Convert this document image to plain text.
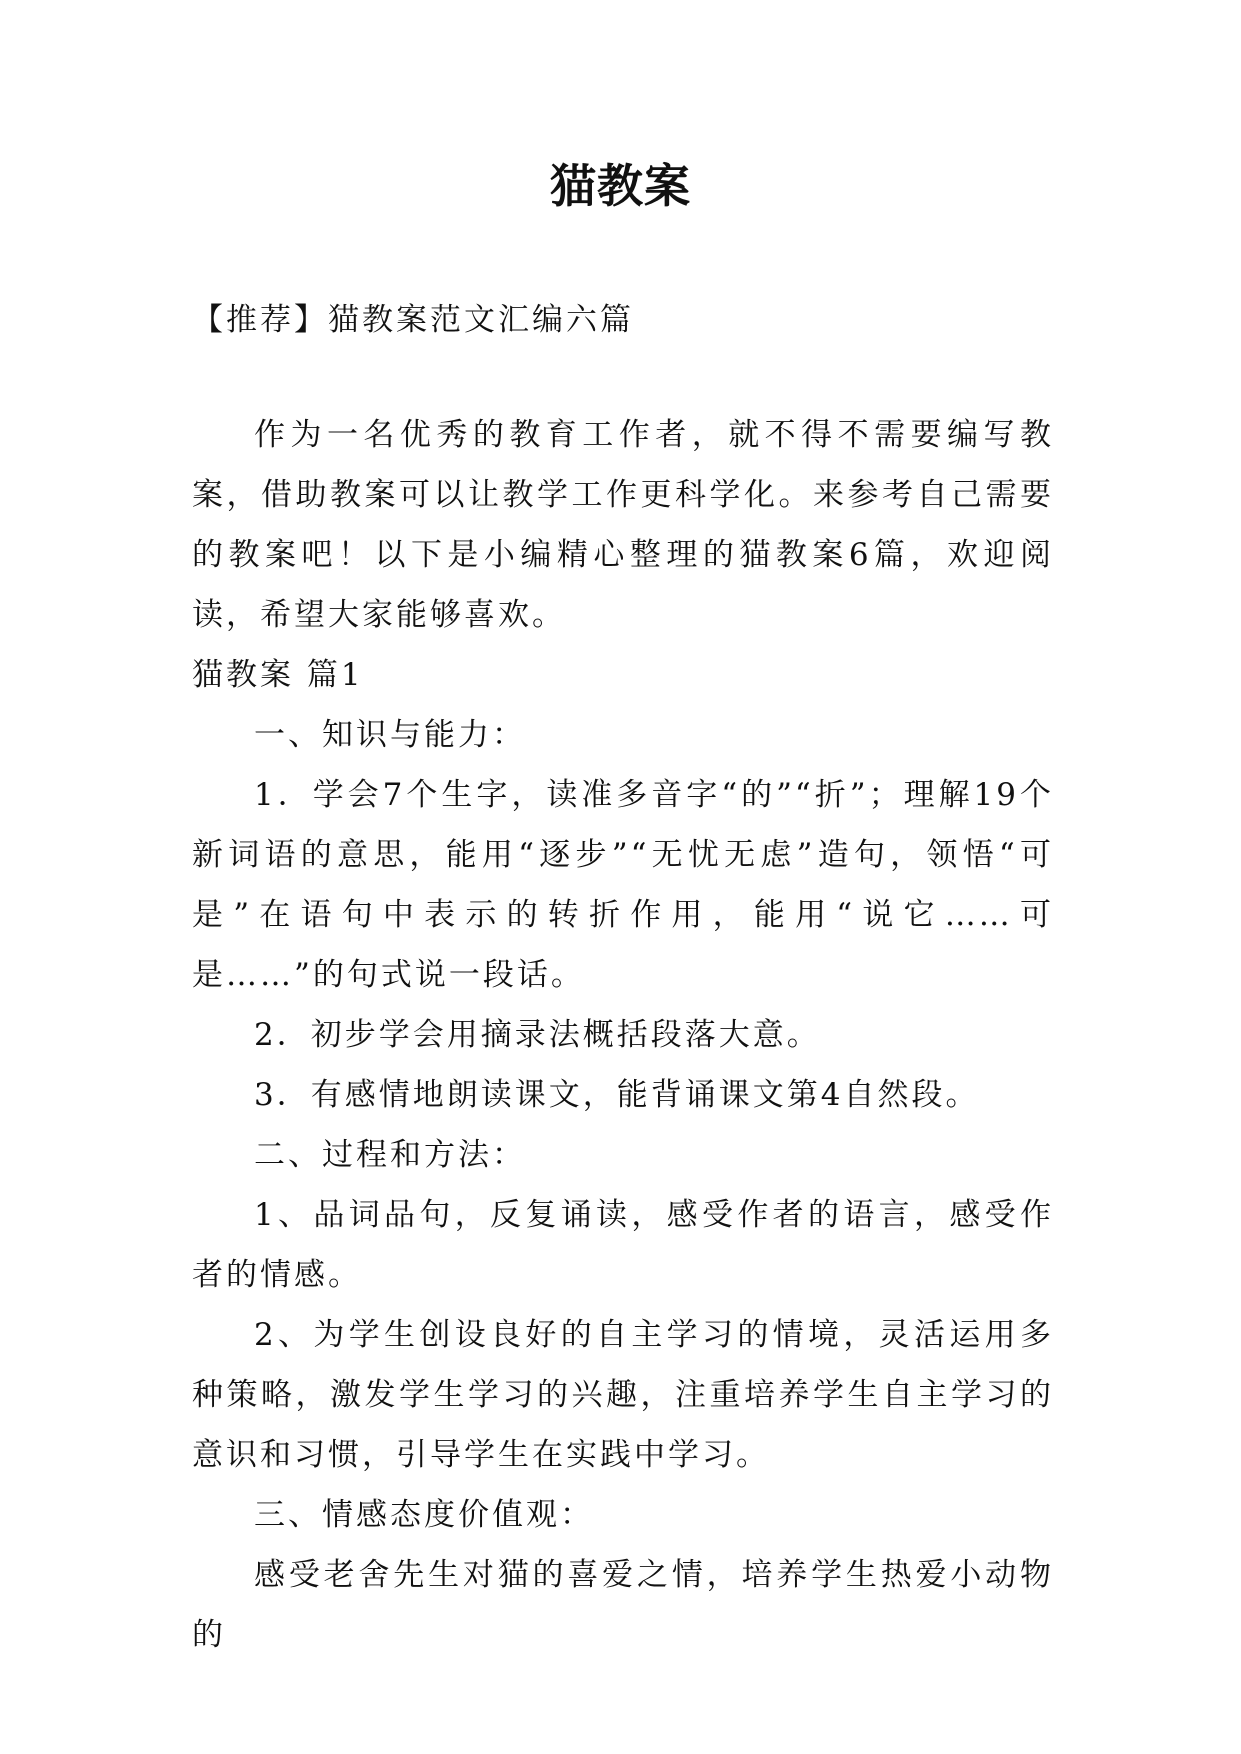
猫教案
【推荐】猫教案范文汇编六篇

作为一名优秀的教育工作者，就不得不需要编写教案，借助教案可以让教学工作更科学化。来参考自己需要的教案吧！以下是小编精心整理的猫教案6篇，欢迎阅读，希望大家能够喜欢。

猫教案 篇1

一、知识与能力：

1．学会7个生字，读准多音字“的”“折”；理解19个新词语的意思，能用“逐步”“无忧无虑”造句，领悟“可是”在语句中表示的转折作用，能用“说它……可是……”的句式说一段话。

2．初步学会用摘录法概括段落大意。

3．有感情地朗读课文，能背诵课文第4自然段。

二、过程和方法：

1、品词品句，反复诵读，感受作者的语言，感受作者的情感。

2、为学生创设良好的自主学习的情境，灵活运用多种策略，激发学生学习的兴趣，注重培养学生自主学习的意识和习惯，引导学生在实践中学习。

三、情感态度价值观：

感受老舍先生对猫的喜爱之情，培养学生热爱小动物的
